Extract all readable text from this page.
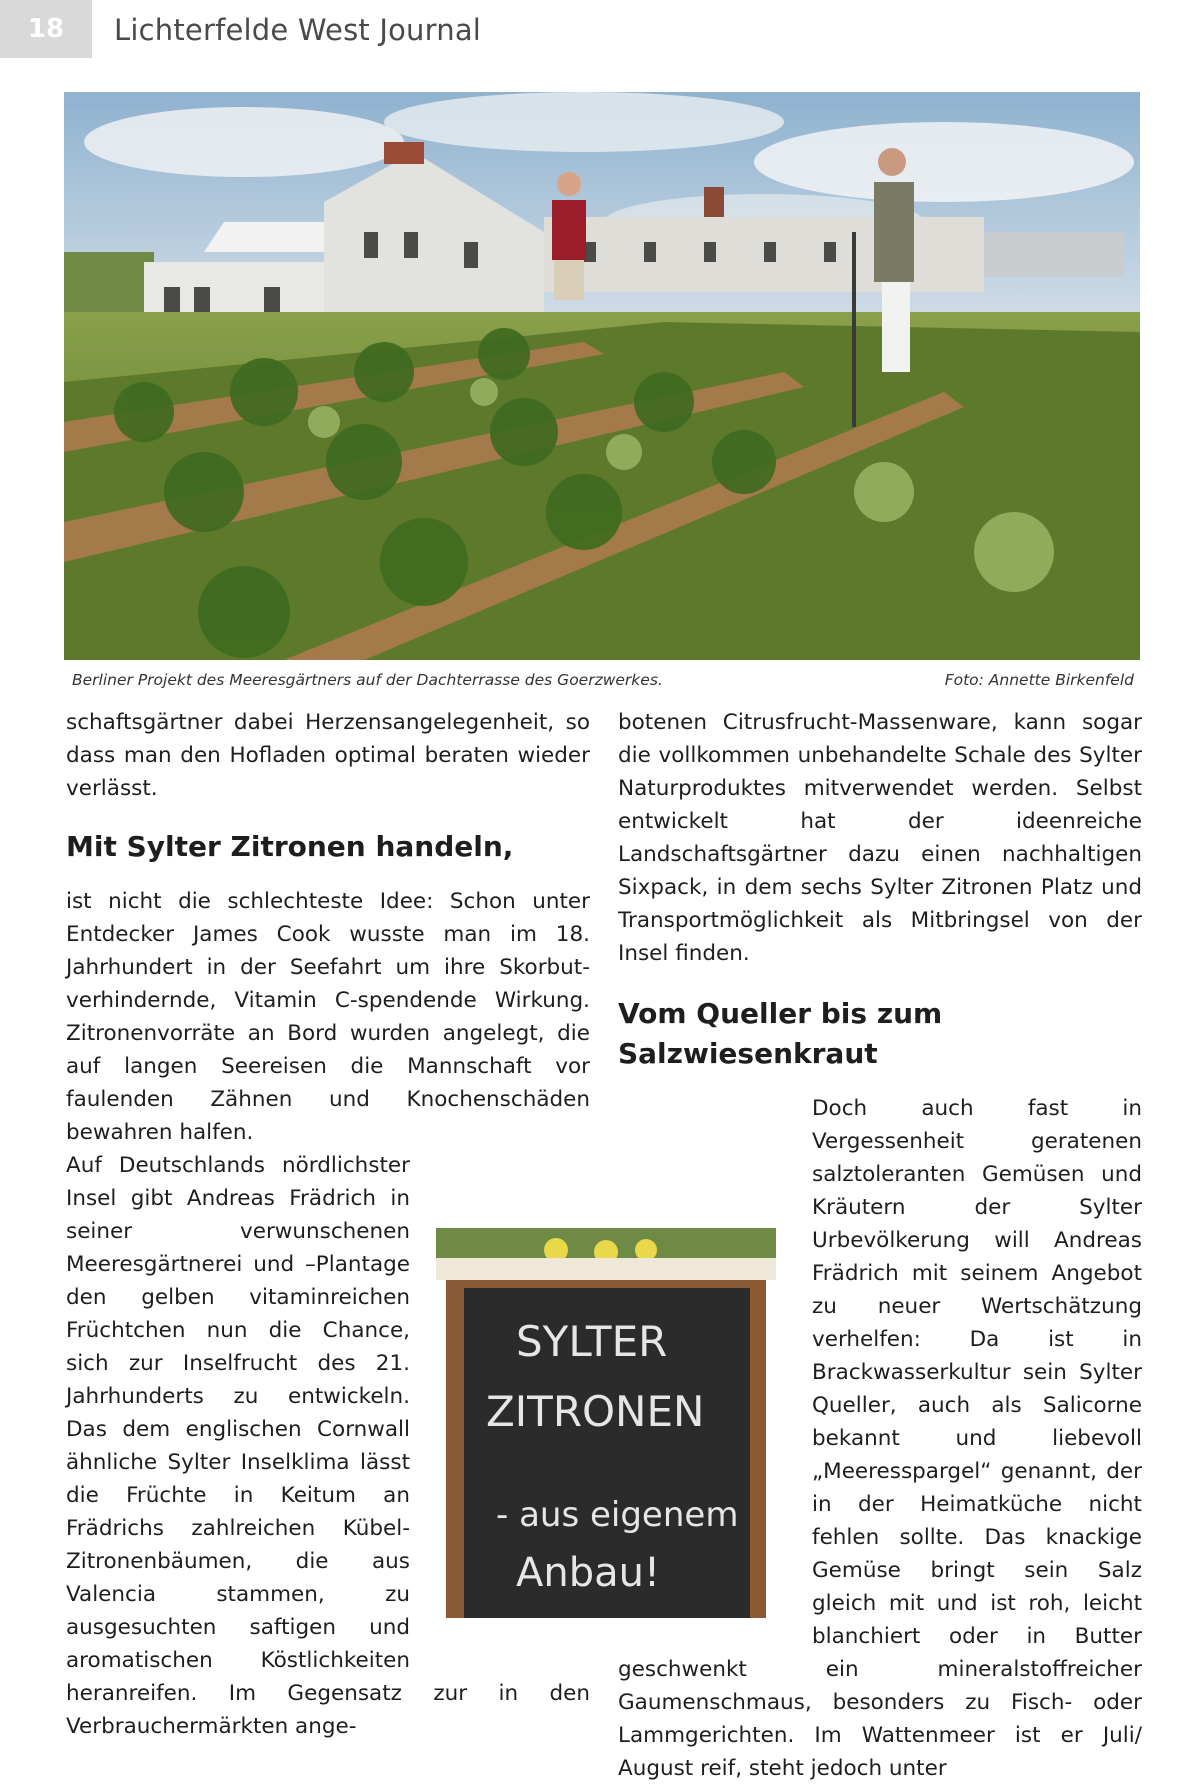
18	Lichterfelde West Journal
Berliner Projekt des Meeresgärtners auf der Dachterrasse des Goerzwerkes.	Foto: Annette Birkenfeld

schaftsgärtner dabei Herzensangelegenheit, so dass man den Hofladen optimal beraten wieder verlässt.

Mit Sylter Zitronen handeln,

ist nicht die schlechteste Idee: Schon unter Entdecker James Cook wusste man im 18. Jahrhundert in der Seefahrt um ihre Skorbut-verhindernde, Vitamin C-spendende Wirkung. Zitronenvorräte an Bord wurden angelegt, die auf langen Seereisen die Mannschaft vor faulenden Zähnen und Knochenschäden bewahren halfen.

Auf Deutschlands nördlichster Insel gibt Andreas Frädrich in seiner verwunschenen Meeresgärtnerei und –Plantage den gelben vitaminreichen Früchtchen nun die Chance, sich zur Inselfrucht des 21. Jahrhunderts zu entwickeln. Das dem englischen Cornwall ähnliche Sylter Inselklima lässt die Früchte in Keitum an Frädrichs zahlreichen Kübel-Zitronenbäumen, die aus Valencia stammen, zu ausgesuchten saftigen und aromatischen Köstlichkeiten heranreifen. Im Gegensatz zur in den Verbrauchermärkten ange-

botenen Citrusfrucht-Massenware, kann sogar die vollkommen unbehandelte Schale des Sylter Naturproduktes mitverwendet werden. Selbst entwickelt hat der ideenreiche Landschaftsgärtner dazu einen nachhaltigen Sixpack, in dem sechs Sylter Zitronen Platz und Transportmöglichkeit als Mitbringsel von der Insel finden.

Vom Queller bis zum Salzwiesenkraut

Doch auch fast in Vergessenheit geratenen salztoleranten Gemüsen und Kräutern der Sylter Urbevölkerung will Andreas Frädrich mit seinem Angebot zu neuer Wertschätzung verhelfen: Da ist in Brackwasserkultur sein Sylter Queller, auch als Salicorne bekannt und liebevoll „Meeresspargel“ genannt, der in der Heimatküche nicht fehlen sollte. Das knackige Gemüse bringt sein Salz gleich mit und ist roh, leicht blanchiert oder in Butter geschwenkt ein mineralstoffreicher Gaumenschmaus, besonders zu Fisch- oder Lammgerichten. Im Wattenmeer ist er Juli/ August reif, steht jedoch unter

SYLTER
ZITRONEN
- aus eigenem
Anbau!
